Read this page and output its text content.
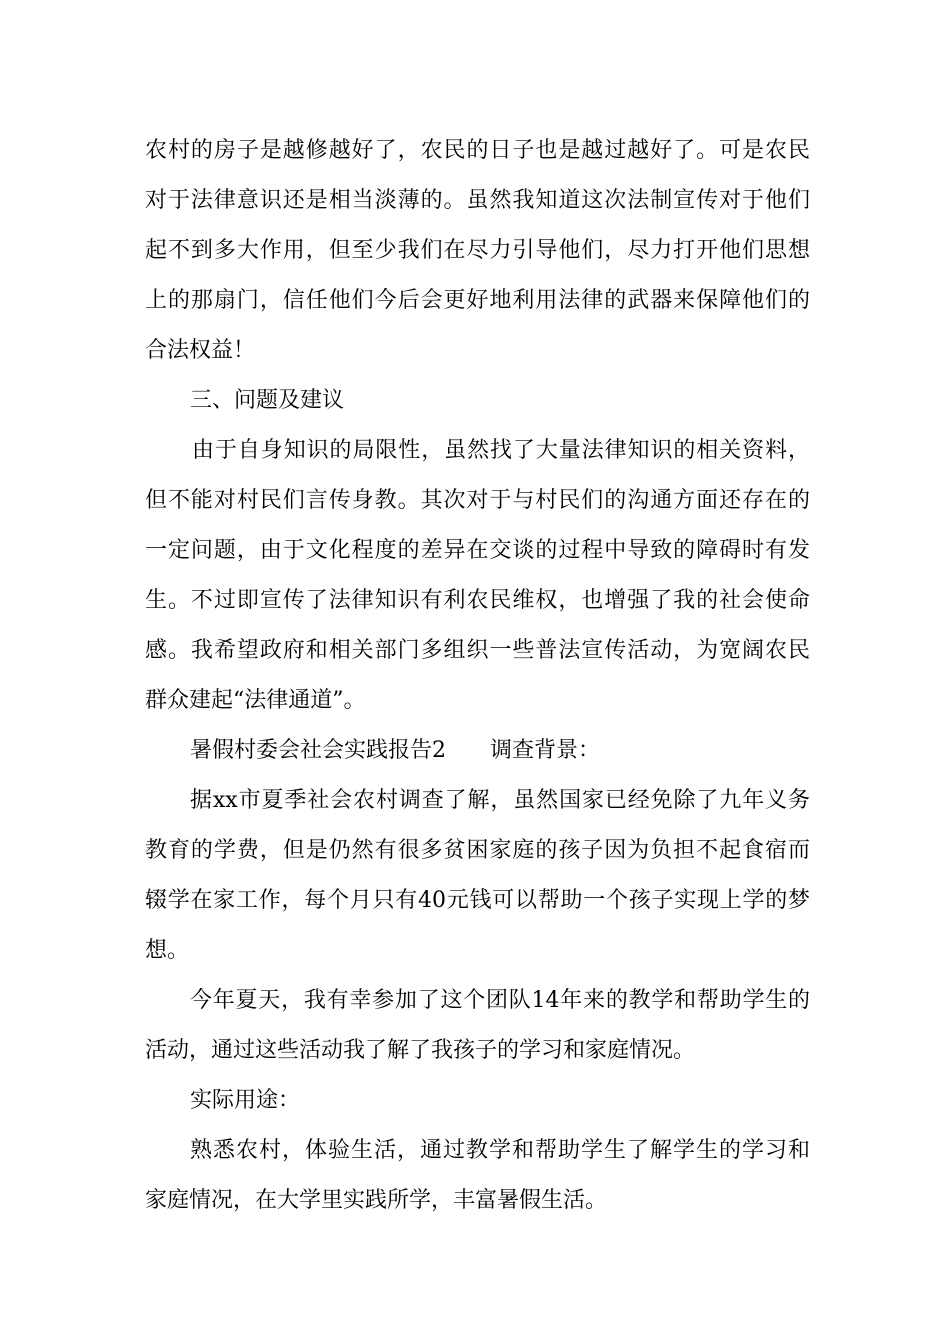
农村的房子是越修越好了，农民的日子也是越过越好了。可是农民
对于法律意识还是相当淡薄的。虽然我知道这次法制宣传对于他们
起不到多大作用，但至少我们在尽力引导他们，尽力打开他们思想
上的那扇门，信任他们今后会更好地利用法律的武器来保障他们的
合法权益！
三、问题及建议
由于自身知识的局限性，虽然找了大量法律知识的相关资料，
但不能对村民们言传身教。其次对于与村民们的沟通方面还存在的
一定问题，由于文化程度的差异在交谈的过程中导致的障碍时有发
生。不过即宣传了法律知识有利农民维权，也增强了我的社会使命
感。我希望政府和相关部门多组织一些普法宣传活动，为宽阔农民
群众建起“法律通道”。
暑假村委会社会实践报告2　　调查背景：
据xx市夏季社会农村调查了解，虽然国家已经免除了九年义务
教育的学费，但是仍然有很多贫困家庭的孩子因为负担不起食宿而
辍学在家工作，每个月只有40元钱可以帮助一个孩子实现上学的梦
想。
今年夏天，我有幸参加了这个团队14年来的教学和帮助学生的
活动，通过这些活动我了解了我孩子的学习和家庭情况。
实际用途：
熟悉农村，体验生活，通过教学和帮助学生了解学生的学习和
家庭情况，在大学里实践所学，丰富暑假生活。
